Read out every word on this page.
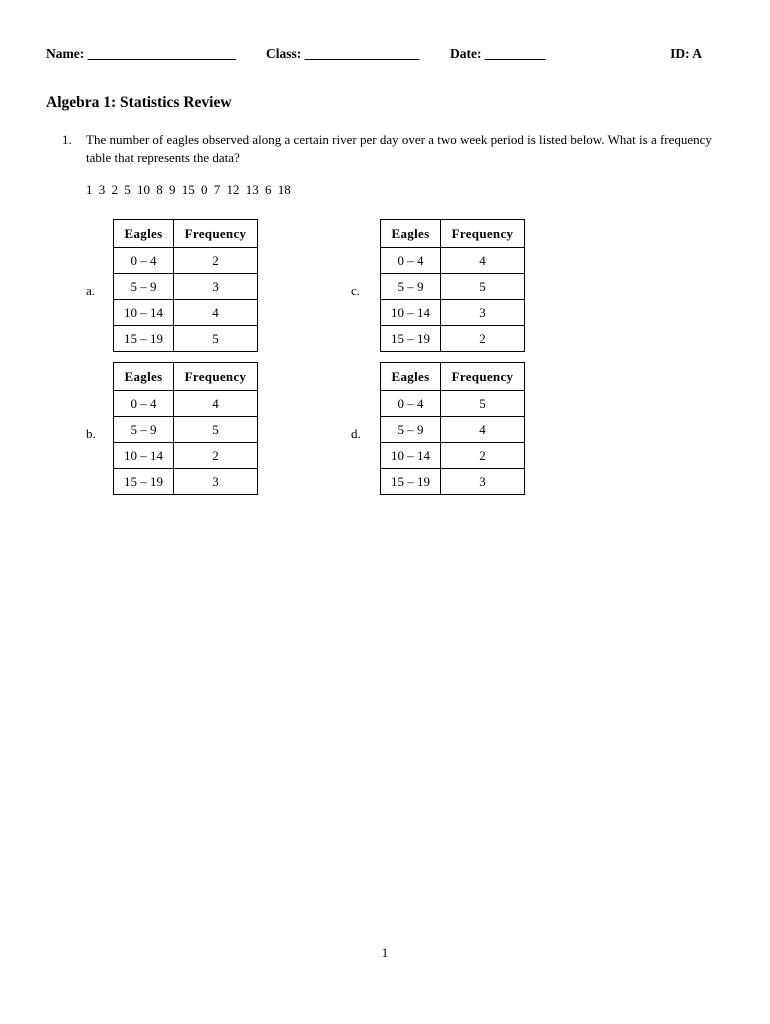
Name: ______________________ Class: _________________ Date: _________	ID: A
Algebra 1: Statistics Review
1. The number of eagles observed along a certain river per day over a two week period is listed below. What is a frequency table that represents the data?
1 3 2 5 10 8 9 15 0 7 12 13 6 18
a.
Eagles	Frequency
0 – 4	2
5 – 9	3
10 – 14	4
15 – 19	5
b.
Eagles	Frequency
0 – 4	4
5 – 9	5
10 – 14	2
15 – 19	3
c.
Eagles	Frequency
0 – 4	4
5 – 9	5
10 – 14	3
15 – 19	2
d.
Eagles	Frequency
0 – 4	5
5 – 9	4
10 – 14	2
15 – 19	3
1
